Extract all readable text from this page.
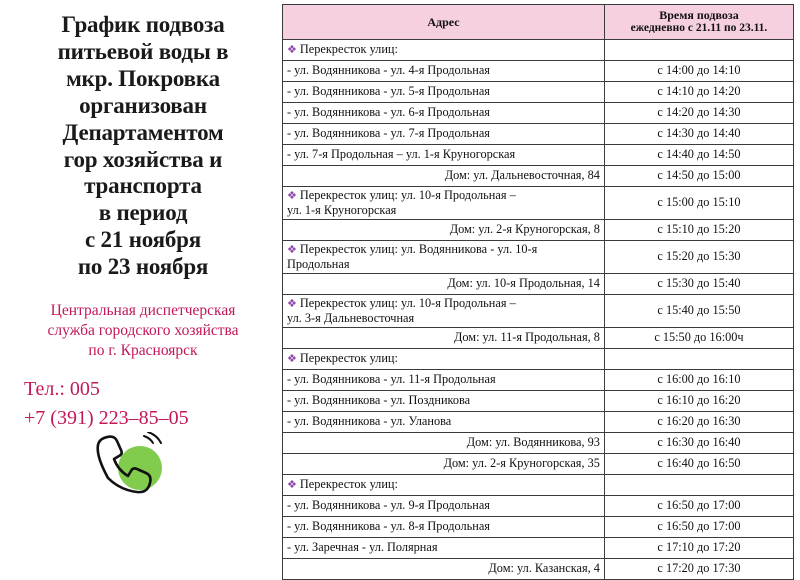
График подвоза
питьевой воды в
мкр. Покровка
организован
Департаментом
гор хозяйства и
транспорта
в период
с 21 ноября
по 23 ноября
Центральная диспетчерская
служба городского хозяйства
по г. Красноярск
Тел.: 005
+7 (391) 223–85–05
Адрес	Время подвоза
ежедневно с 21.11 по 23.11.

❖ Перекресток улиц:	
- ул. Водянникова - ул. 4-я Продольная	с 14:00 до 14:10
- ул. Водянникова - ул. 5-я Продольная	с 14:10 до 14:20
- ул. Водянникова - ул. 6-я Продольная	с 14:20 до 14:30
- ул. Водянникова - ул. 7-я Продольная	с 14:30 до 14:40
- ул. 7-я Продольная – ул. 1-я Круногорская	с 14:40 до 14:50
Дом: ул. Дальневосточная, 84	с 14:50 до 15:00
❖ Перекресток улиц: ул. 10-я Продольная –
ул. 1-я Круногорская	с 15:00 до 15:10
Дом: ул. 2-я Круногорская, 8	с 15:10 до 15:20
❖ Перекресток улиц: ул. Водянникова - ул. 10-я
Продольная	с 15:20 до 15:30
Дом: ул. 10-я Продольная, 14	с 15:30 до 15:40
❖ Перекресток улиц: ул. 10-я Продольная –
ул. 3-я Дальневосточная	с 15:40 до 15:50
Дом: ул. 11-я Продольная, 8	с 15:50 до 16:00ч
❖ Перекресток улиц:	
- ул. Водянникова - ул. 11-я Продольная	с 16:00 до 16:10
- ул. Водянникова - ул. Поздникова	с 16:10 до 16:20
- ул. Водянникова - ул. Уланова	с 16:20 до 16:30
Дом: ул. Водянникова, 93	с 16:30 до 16:40
Дом: ул. 2-я Круногорская, 35	с 16:40 до 16:50
❖ Перекресток улиц:	
- ул. Водянникова - ул. 9-я Продольная	с 16:50 до 17:00
- ул. Водянникова - ул. 8-я Продольная	с 16:50 до 17:00
- ул. Заречная - ул. Полярная	с 17:10 до 17:20
Дом: ул. Казанская, 4	с 17:20 до 17:30
